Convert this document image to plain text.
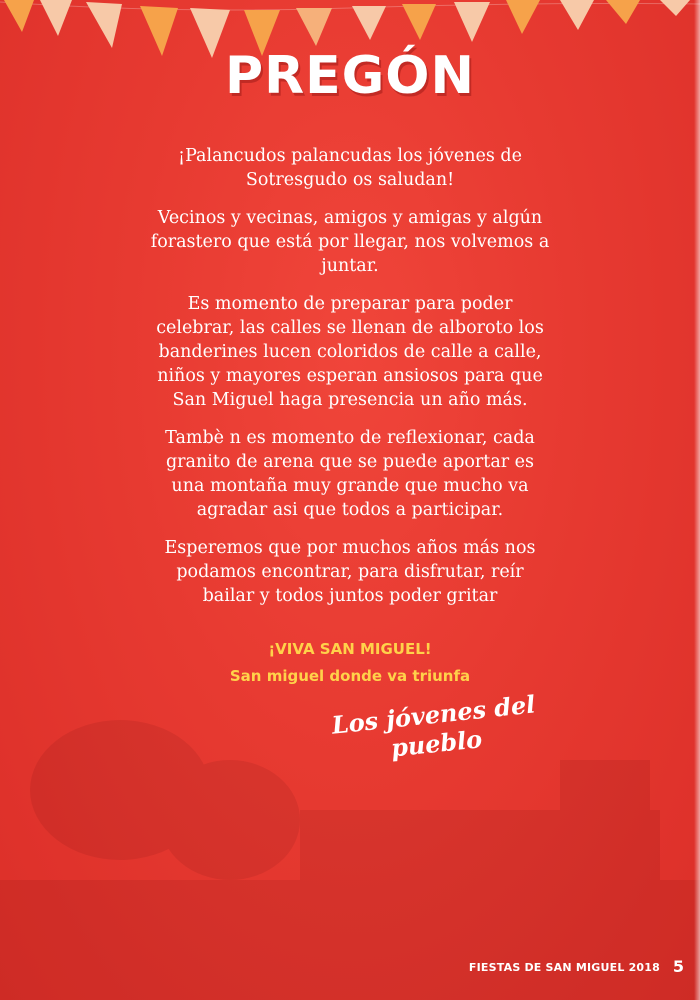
PREGÓN

¡Palancudos palancudas los jóvenes de Sotresgudo os saludan!

Vecinos y vecinas, amigos y amigas y algún forastero que está por llegar, nos volvemos a juntar.

Es momento de preparar para poder celebrar, las calles se llenan de alboroto los banderines lucen coloridos de calle a calle, niños y mayores esperan ansiosos para que San Miguel haga presencia un año más.

Tambè n es momento de reflexionar, cada granito de arena que se puede aportar es una montaña muy grande que mucho va agradar asi que todos a participar.

Esperemos que por muchos años más nos podamos encontrar, para disfrutar, reír bailar y todos juntos poder gritar

¡VIVA SAN MIGUEL!
San miguel donde va triunfa
Los jóvenes del pueblo
FIESTAS DE SAN MIGUEL 2018 5
